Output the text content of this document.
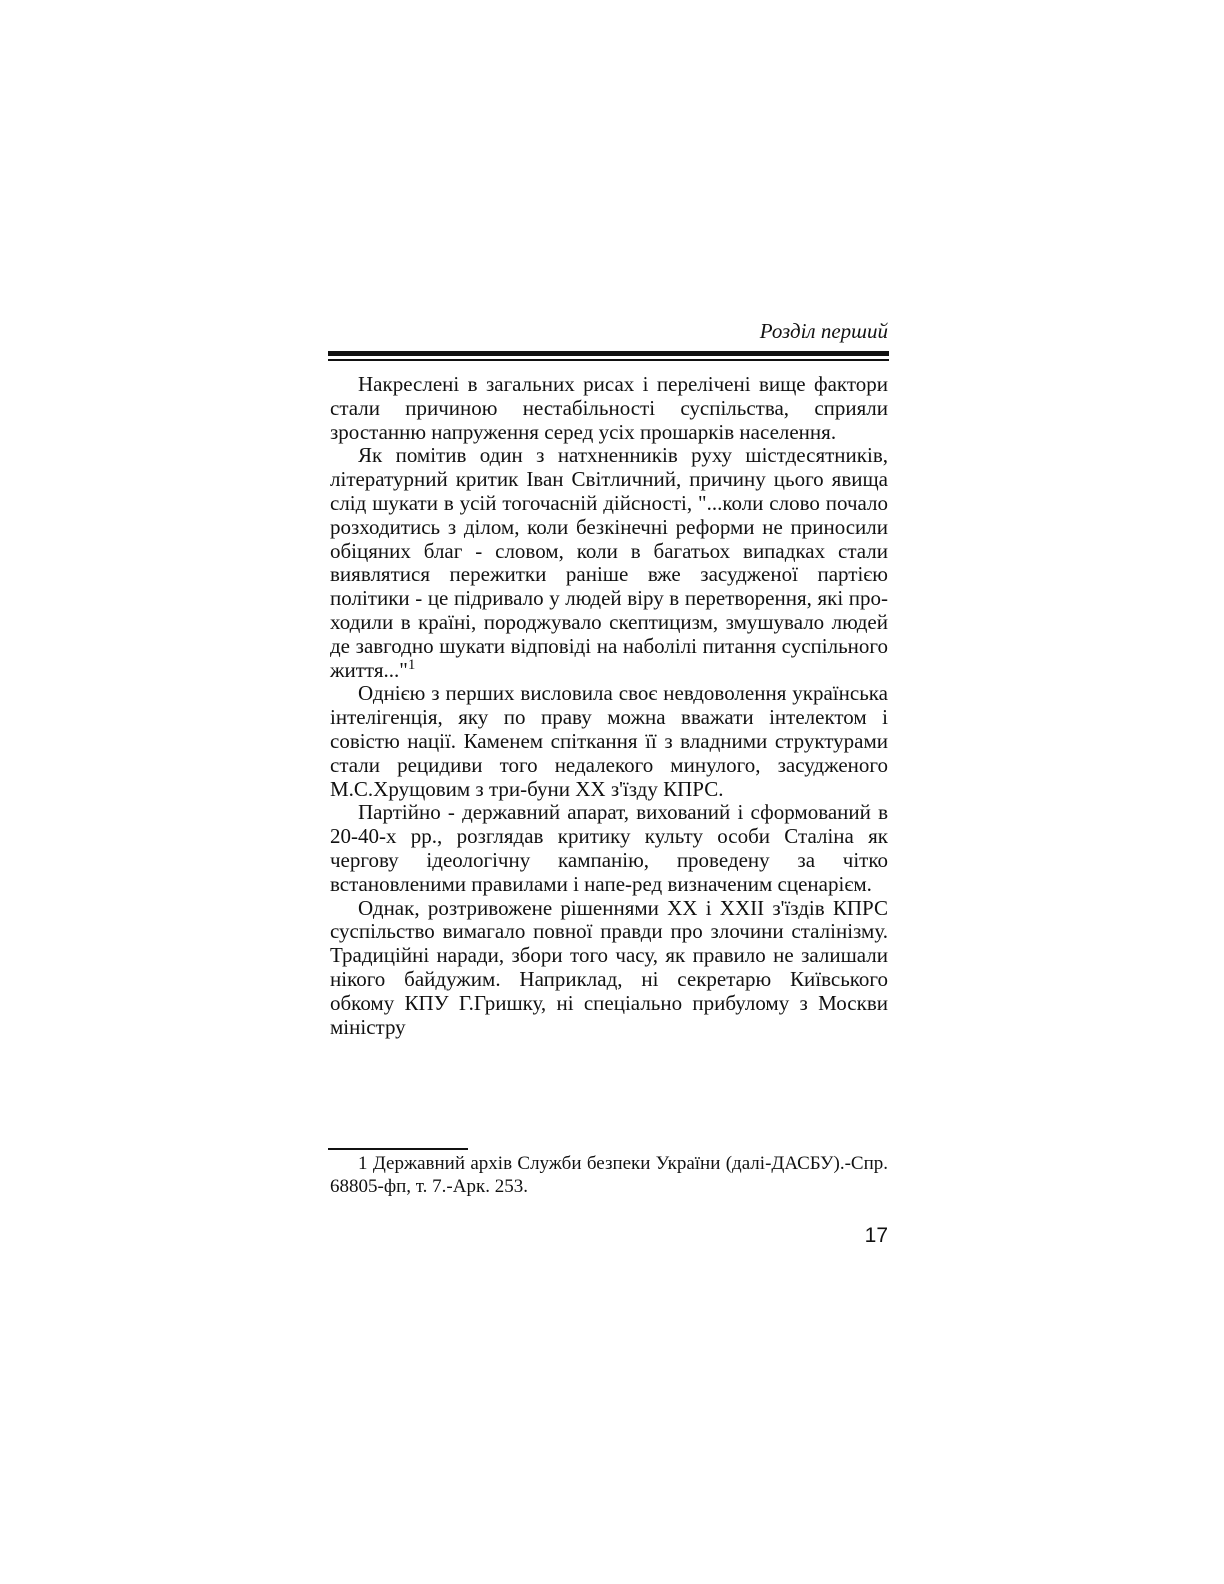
Розділ перший

Накреслені в загальних рисах і перелічені вище фактори стали причиною нестабільності суспільства, сприяли зростанню напруження серед усіх прошарків населення.

Як помітив один з натхненників руху шістдесятників, літературний критик Іван Світличний, причину цього явища слід шукати в усій тогочасній дійсності, "...коли слово почало розходитись з ділом, коли безкінечні реформи не приносили обіцяних благ - словом, коли в багатьох випадках стали виявлятися пережитки раніше вже засудженої партією політики - це підривало у людей віру в перетворення, які про-ходили в країні, породжувало скептицизм, змушувало людей де завгодно шукати відповіді на наболілі питання суспільного життя..."$^1$

Однією з перших висловила своє невдоволення українська інтелігенція, яку по праву можна вважати інтелектом і совістю нації. Каменем спіткання її з владними структурами стали рецидиви того недалекого минулого, засудженого М.С.Хрущовим з три-буни XX з'їзду КПРС.

Партійно - державний апарат, вихований і сформований в 20-40-х рр., розглядав критику культу особи Сталіна як чергову ідеологічну кампанію, проведену за чітко встановленими правилами і напе-ред визначеним сценарієм.

Однак, розтривожене рішеннями XX і XXII з'їздів КПРС суспільство вимагало повної правди про злочини сталінізму. Традиційні наради, збори того часу, як правило не залишали нікого байдужим. Наприклад, ні секретарю Київського обкому КПУ Г.Гришку, ні спеціально прибулому з Москви міністру

1 Державний архів Служби безпеки України (далі-ДАСБУ).-Спр. 68805-фп, т. 7.-Арк. 253.

17
